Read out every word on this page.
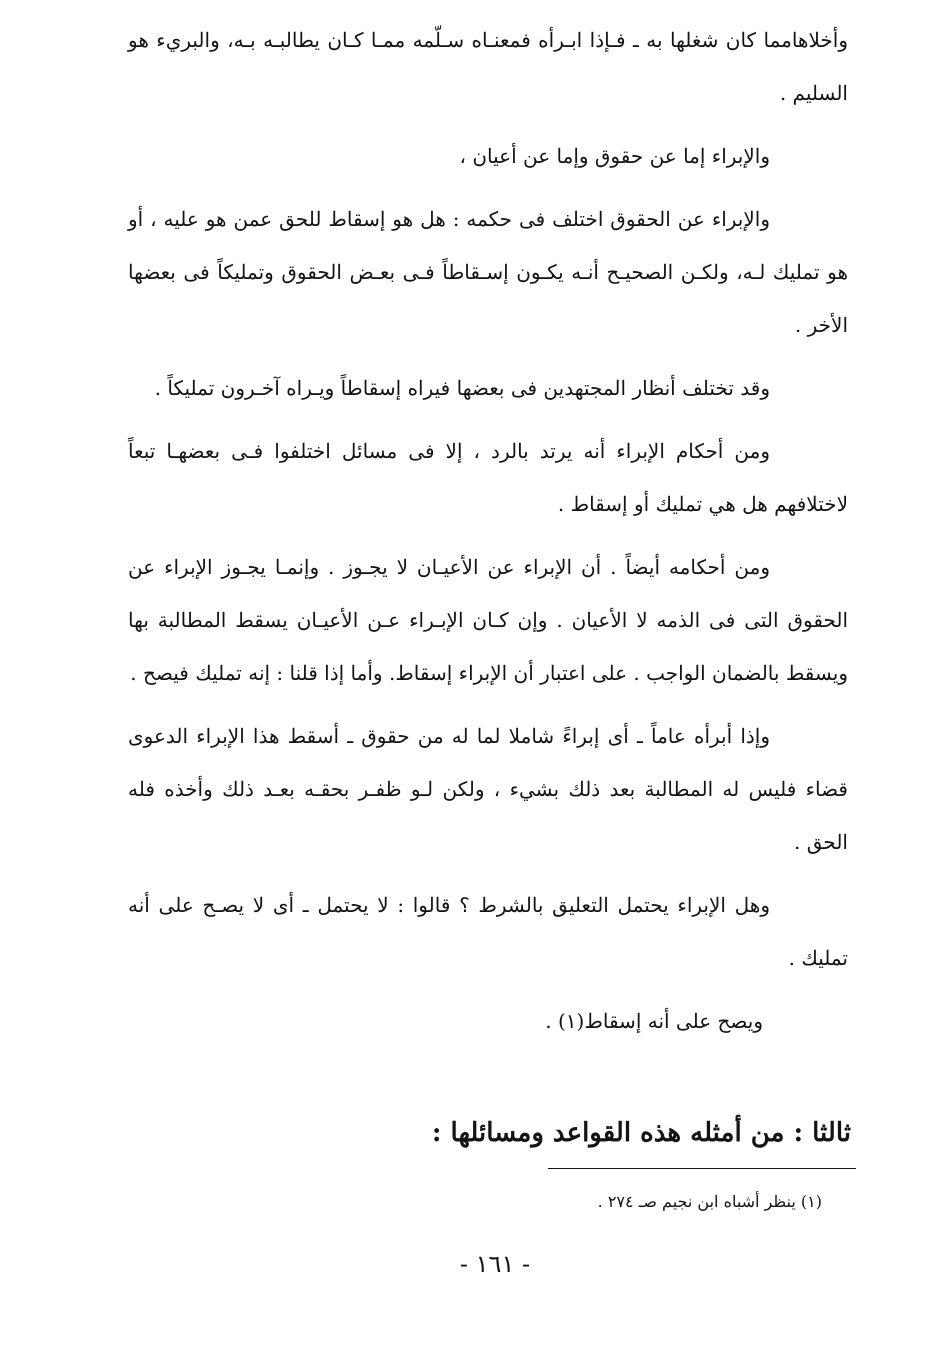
وأخلاهامما كان شغلها به ـ فـإذا ابـرأه فمعنـاه سـلّمه ممـا كـان يطالبـه بـه، والبريء هو السليم .

والإبراء إما عن حقوق وإما عن أعيان ،

والإبراء عن الحقوق اختلف فى حكمه : هل هو إسقاط للحق عمن هو عليه ، أو هو تمليك لـه، ولكـن الصحيـح أنـه يكـون إسـقاطاً فـى بعـض الحقوق وتمليكاً فى بعضها الأخر .

وقد تختلف أنظار المجتهدين فى بعضها فيراه إسقاطاً ويـراه آخـرون تمليكاً .

ومن أحكام الإبراء أنه يرتد بالرد ، إلا فى مسائل اختلفوا فـى بعضهـا تبعاً لاختلافهم هل هي تمليك أو إسقاط .

ومن أحكامه أيضاً . أن الإبراء عن الأعيـان لا يجـوز . وإنمـا يجـوز الإبراء عن الحقوق التى فى الذمه لا الأعيان . وإن كـان الإبـراء عـن الأعيـان يسقط المطالبة بها ويسقط بالضمان الواجب . على اعتبار أن الإبراء إسقاط. وأما إذا قلنا : إنه تمليك فيصح .

وإذا أبرأه عاماً ـ أى إبراءً شاملا لما له من حقوق ـ أسقط هذا الإبراء الدعوى قضاء فليس له المطالبة بعد ذلك بشيء ، ولكن لـو ظفـر بحقـه بعـد ذلك وأخذه فله الحق .

وهل الإبراء يحتمل التعليق بالشرط ؟ قالوا : لا يحتمل ـ أى لا يصـح على أنه تمليك .

ويصح على أنه إسقاط(١) .

ثالثا : من أمثله هذه القواعد ومسائلها :
(١) ينظر أشباه ابن نجيم صـ ٢٧٤ .
- ١٦١ -
